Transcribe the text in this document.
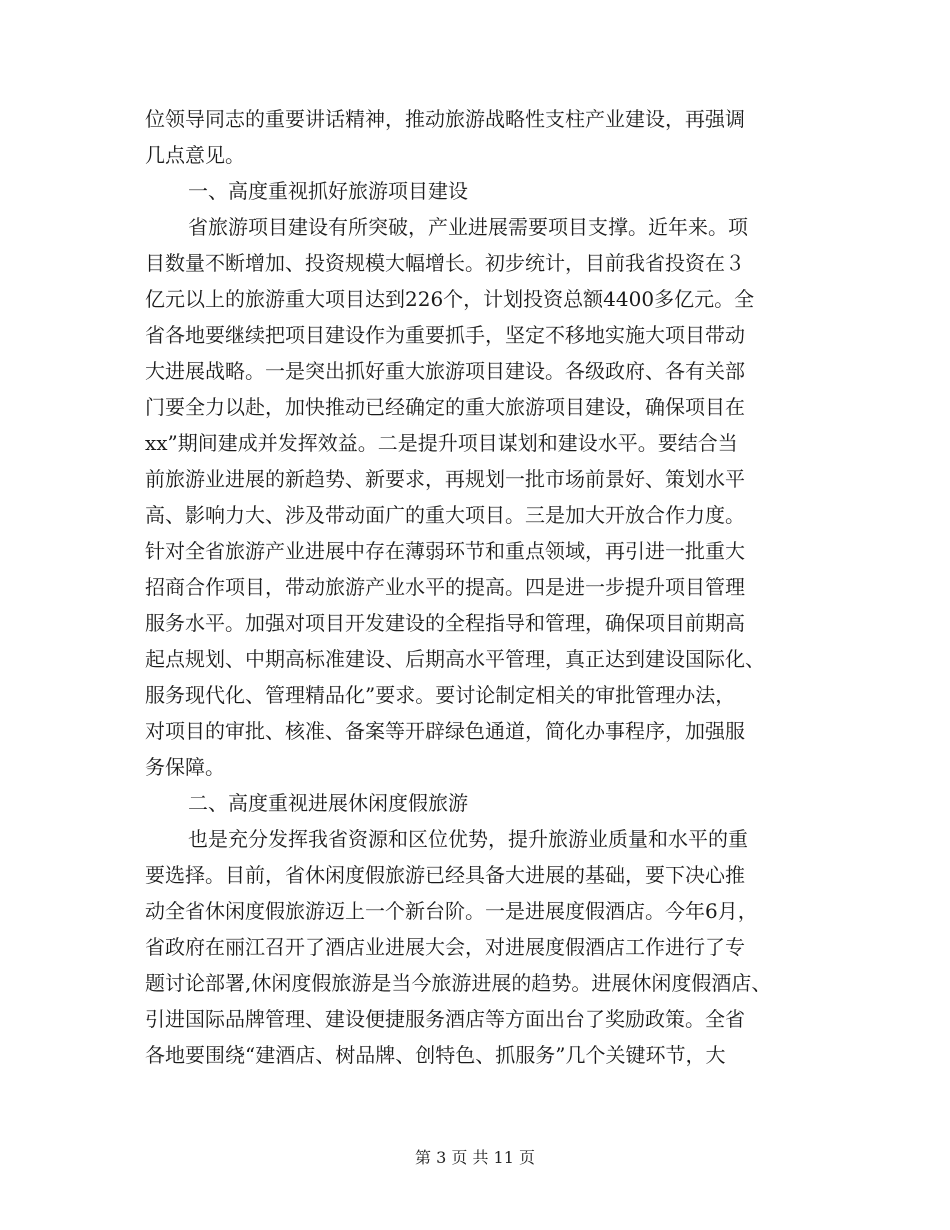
位领导同志的重要讲话精神，推动旅游战略性支柱产业建设，再强调
几点意见。
一、高度重视抓好旅游项目建设
省旅游项目建设有所突破，产业进展需要项目支撑。近年来。项
目数量不断增加、投资规模大幅增长。初步统计，目前我省投资在３
亿元以上的旅游重大项目达到226个，计划投资总额4400多亿元。全
省各地要继续把项目建设作为重要抓手，坚定不移地实施大项目带动
大进展战略。一是突出抓好重大旅游项目建设。各级政府、各有关部
门要全力以赴，加快推动已经确定的重大旅游项目建设，确保项目在
xx”期间建成并发挥效益。二是提升项目谋划和建设水平。要结合当
前旅游业进展的新趋势、新要求，再规划一批市场前景好、策划水平
高、影响力大、涉及带动面广的重大项目。三是加大开放合作力度。
针对全省旅游产业进展中存在薄弱环节和重点领域，再引进一批重大
招商合作项目，带动旅游产业水平的提高。四是进一步提升项目管理
服务水平。加强对项目开发建设的全程指导和管理，确保项目前期高
起点规划、中期高标准建设、后期高水平管理，真正达到建设国际化、
服务现代化、管理精品化”要求。要讨论制定相关的审批管理办法，
对项目的审批、核准、备案等开辟绿色通道，简化办事程序，加强服
务保障。
二、高度重视进展休闲度假旅游
也是充分发挥我省资源和区位优势，提升旅游业质量和水平的重
要选择。目前，省休闲度假旅游已经具备大进展的基础，要下决心推
动全省休闲度假旅游迈上一个新台阶。一是进展度假酒店。今年6月，
省政府在丽江召开了酒店业进展大会，对进展度假酒店工作进行了专
题讨论部署,休闲度假旅游是当今旅游进展的趋势。进展休闲度假酒店、
引进国际品牌管理、建设便捷服务酒店等方面出台了奖励政策。全省
各地要围绕“建酒店、树品牌、创特色、抓服务”几个关键环节，大
第 3 页 共 11 页
